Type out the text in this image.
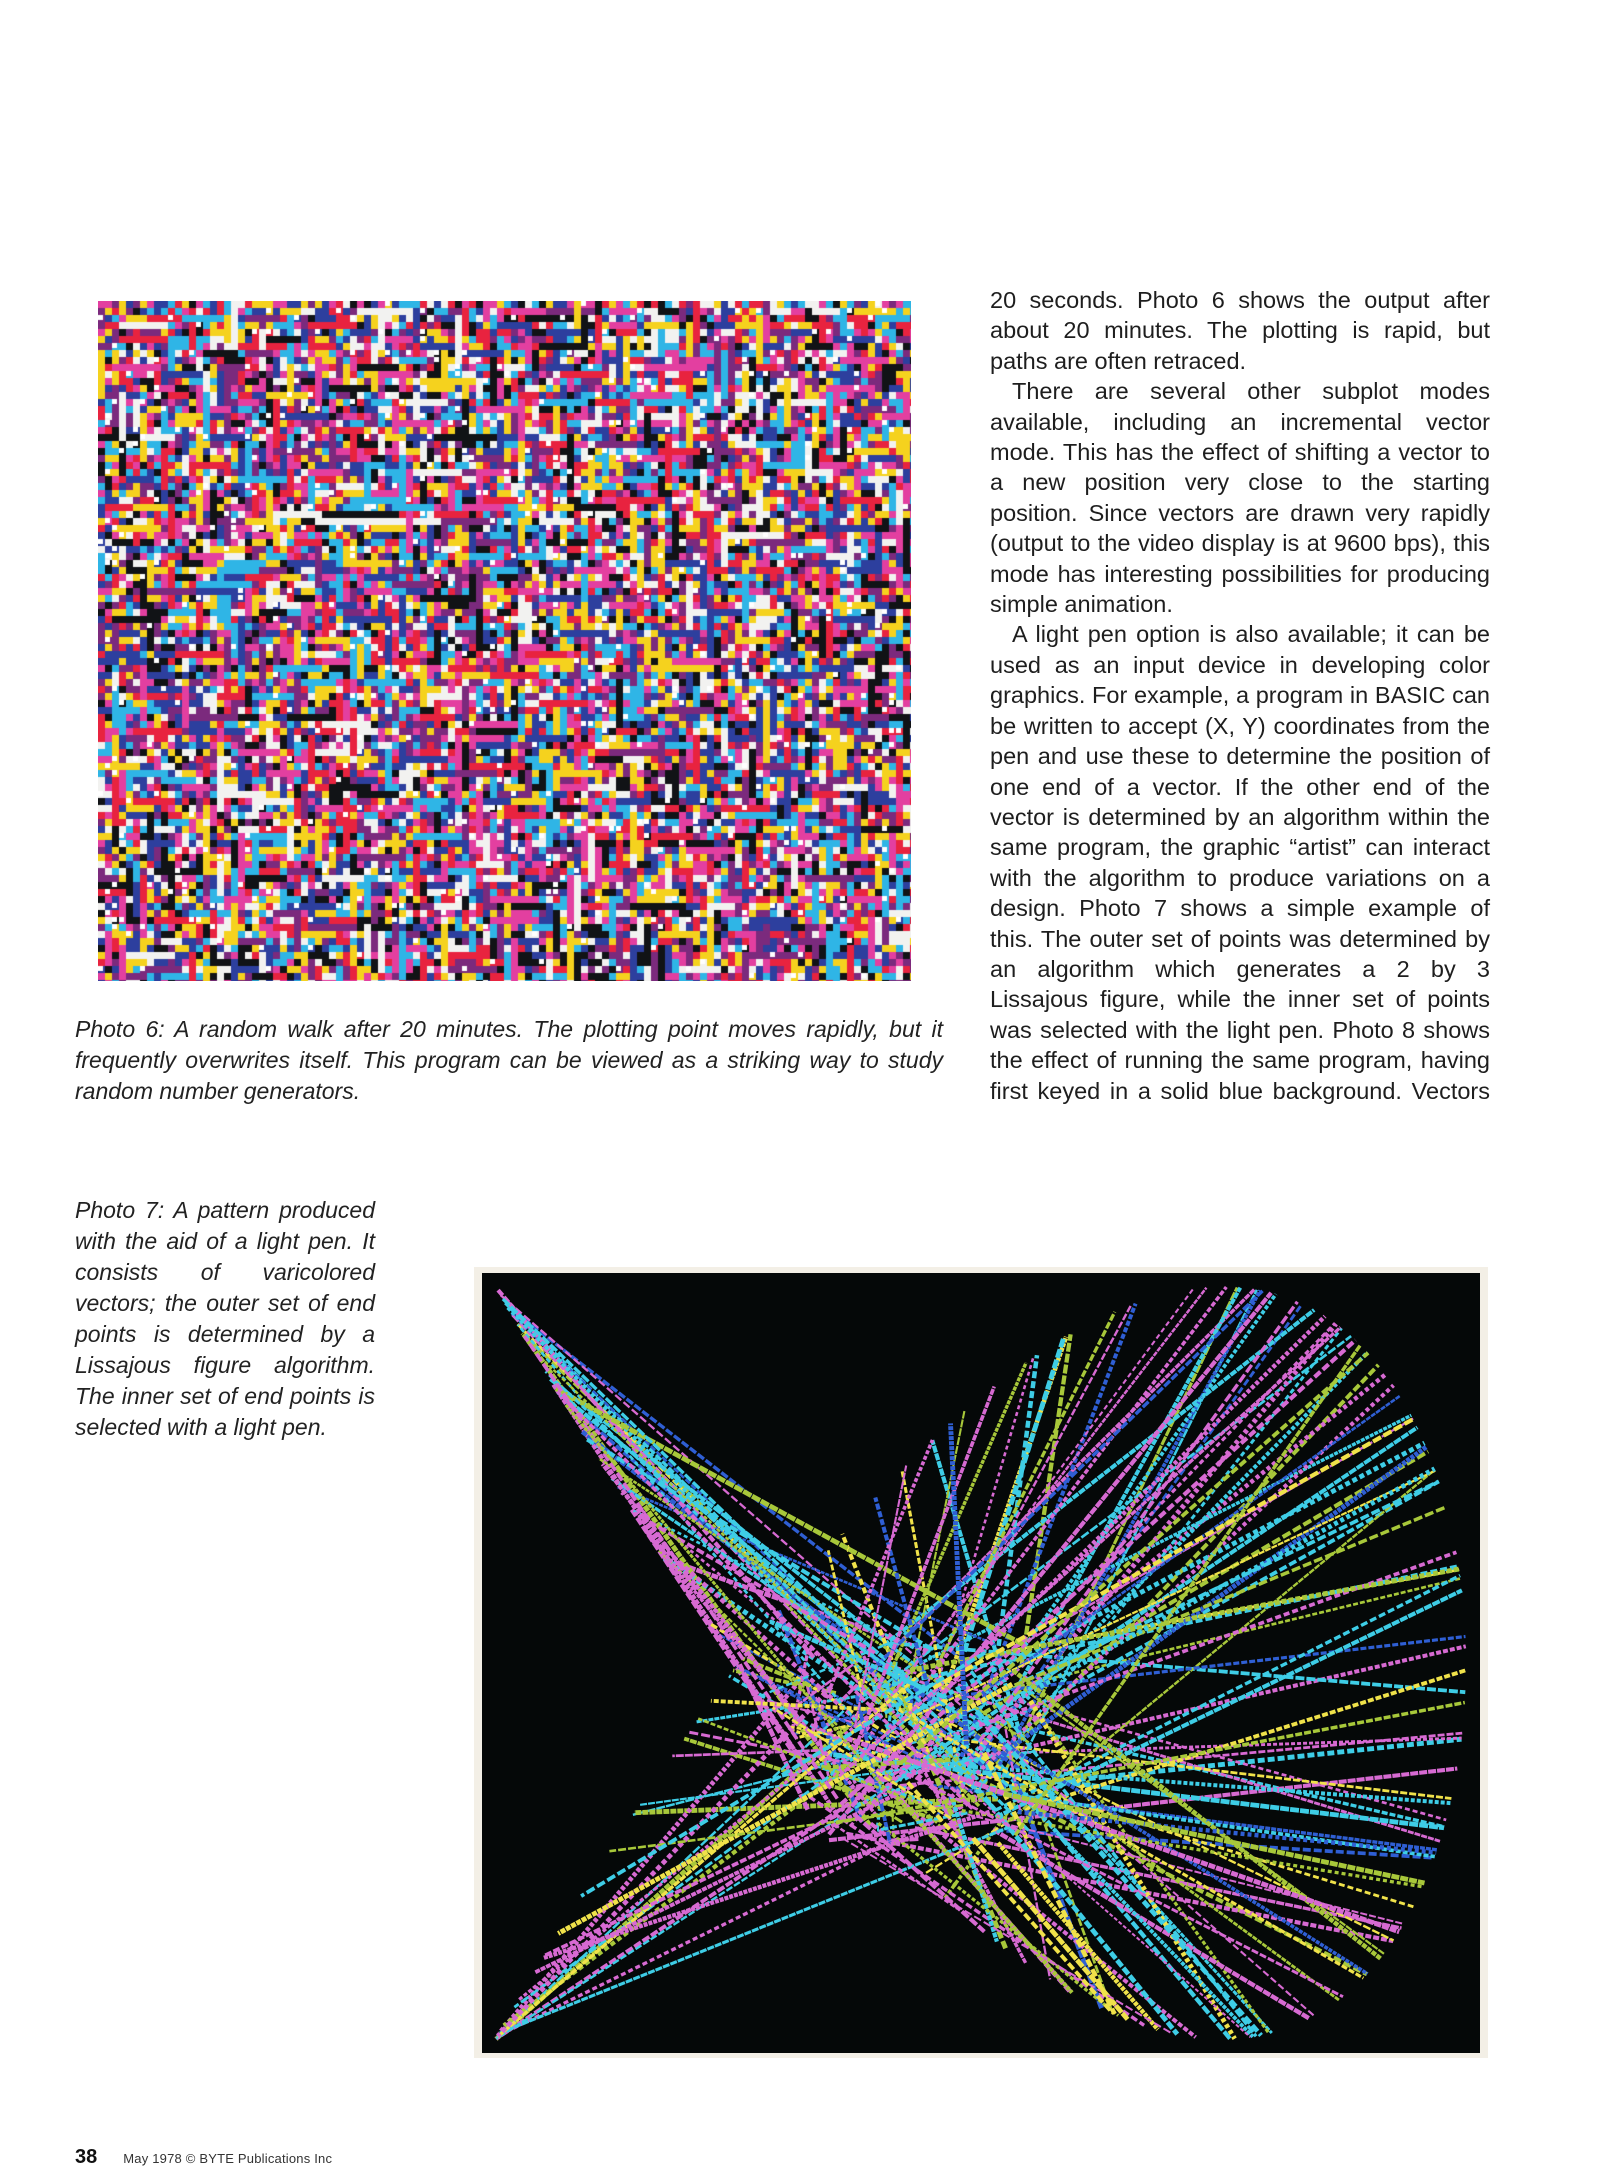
Photo 6: A random walk after 20 minutes. The plotting point moves rapidly, but it frequently overwrites itself. This program can be viewed as a striking way to study random number generators.

Photo 7: A pattern produced with the aid of a light pen. It consists of varicolored vectors; the outer set of end points is determined by a Lissajous figure algorithm. The inner set of end points is selected with a light pen.

20 seconds. Photo 6 shows the output after about 20 minutes. The plotting is rapid, but paths are often retraced.

There are several other subplot modes available, including an incremental vector mode. This has the effect of shifting a vector to a new position very close to the starting position. Since vectors are drawn very rapidly (output to the video display is at 9600 bps), this mode has interesting possibilities for producing simple animation.

A light pen option is also available; it can be used as an input device in developing color graphics. For example, a program in BASIC can be written to accept (X, Y) coordinates from the pen and use these to determine the position of one end of a vector. If the other end of the vector is determined by an algorithm within the same program, the graphic “artist” can interact with the algorithm to produce variations on a design. Photo 7 shows a simple example of this. The outer set of points was determined by an algorithm which generates a 2 by 3 Lissajous figure, while the inner set of points was selected with the light pen. Photo 8 shows the effect of running the same program, having first keyed in a solid blue background. Vectors

38 May 1978 © BYTE Publications Inc
